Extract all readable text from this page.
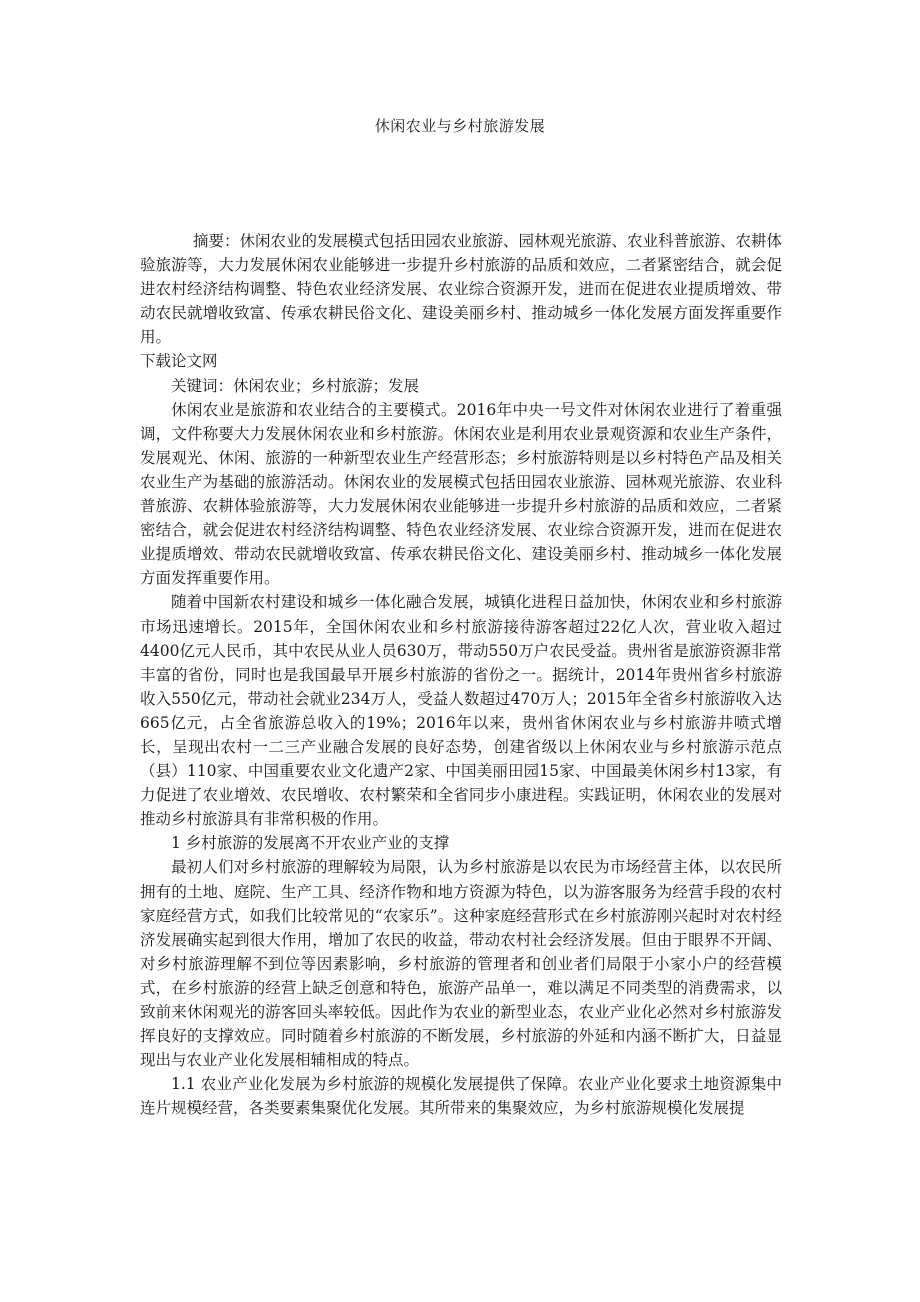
休闲农业与乡村旅游发展

摘要：休闲农业的发展模式包括田园农业旅游、园林观光旅游、农业科普旅游、农耕体验旅游等，大力发展休闲农业能够进一步提升乡村旅游的品质和效应，二者紧密结合，就会促进农村经济结构调整、特色农业经济发展、农业综合资源开发，进而在促进农业提质增效、带动农民就增收致富、传承农耕民俗文化、建设美丽乡村、推动城乡一体化发展方面发挥重要作用。

下载论文网

关键词：休闲农业；乡村旅游；发展

休闲农业是旅游和农业结合的主要模式。2016年中央一号文件对休闲农业进行了着重强调，文件称要大力发展休闲农业和乡村旅游。休闲农业是利用农业景观资源和农业生产条件，发展观光、休闲、旅游的一种新型农业生产经营形态；乡村旅游特则是以乡村特色产品及相关农业生产为基础的旅游活动。休闲农业的发展模式包括田园农业旅游、园林观光旅游、农业科普旅游、农耕体验旅游等，大力发展休闲农业能够进一步提升乡村旅游的品质和效应，二者紧密结合，就会促进农村经济结构调整、特色农业经济发展、农业综合资源开发，进而在促进农业提质增效、带动农民就增收致富、传承农耕民俗文化、建设美丽乡村、推动城乡一体化发展方面发挥重要作用。

随着中国新农村建设和城乡一体化融合发展，城镇化进程日益加快，休闲农业和乡村旅游市场迅速增长。2015年，全国休闲农业和乡村旅游接待游客超过22亿人次，营业收入超过4400亿元人民币，其中农民从业人员630万，带动550万户农民受益。贵州省是旅游资源非常丰富的省份，同时也是我国最早开展乡村旅游的省份之一。据统计，2014年贵州省乡村旅游收入550亿元，带动社会就业234万人，受益人数超过470万人；2015年全省乡村旅游收入达665亿元，占全省旅游总收入的19%；2016年以来，贵州省休闲农业与乡村旅游井喷式增长，呈现出农村一二三产业融合发展的良好态势，创建省级以上休闲农业与乡村旅游示范点（县）110家、中国重要农业文化遗产2家、中国美丽田园15家、中国最美休闲乡村13家，有力促进了农业增效、农民增收、农村繁荣和全省同步小康进程。实践证明，休闲农业的发展对推动乡村旅游具有非常积极的作用。

1 乡村旅游的发展离不开农业产业的支撑

最初人们对乡村旅游的理解较为局限，认为乡村旅游是以农民为市场经营主体，以农民所拥有的土地、庭院、生产工具、经济作物和地方资源为特色，以为游客服务为经营手段的农村家庭经营方式，如我们比较常见的“农家乐”。这种家庭经营形式在乡村旅游刚兴起时对农村经济发展确实起到很大作用，增加了农民的收益，带动农村社会经济发展。但由于眼界不开阔、对乡村旅游理解不到位等因素影响，乡村旅游的管理者和创业者们局限于小家小户的经营模式，在乡村旅游的经营上缺乏创意和特色，旅游产品单一，难以满足不同类型的消费需求，以致前来休闲观光的游客回头率较低。因此作为农业的新型业态，农业产业化必然对乡村旅游发挥良好的支撑效应。同时随着乡村旅游的不断发展，乡村旅游的外延和内涵不断扩大，日益显现出与农业产业化发展相辅相成的特点。

1.1 农业产业化发展为乡村旅游的规模化发展提供了保障。农业产业化要求土地资源集中连片规模经营，各类要素集聚优化发展。其所带来的集聚效应，为乡村旅游规模化发展提
